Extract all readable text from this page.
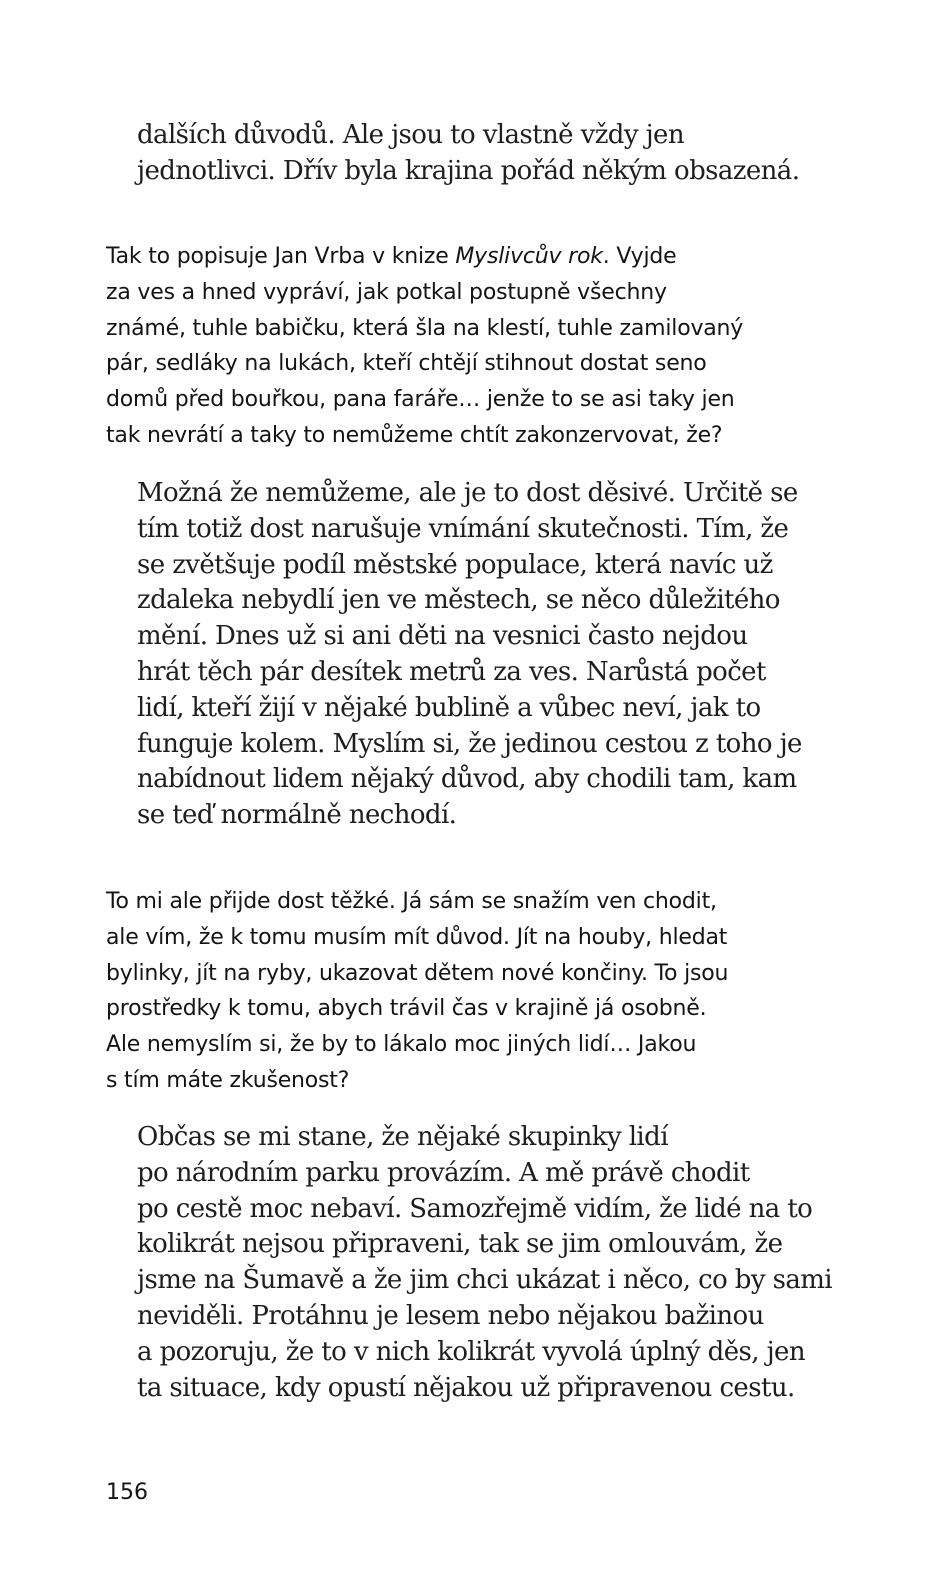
dalších důvodů. Ale jsou to vlastně vždy jen
jednotlivci. Dřív byla krajina pořád někým obsazená.
Tak to popisuje Jan Vrba v knize Myslivcův rok. Vyjde
za ves a hned vypráví, jak potkal postupně všechny
známé, tuhle babičku, která šla na klestí, tuhle zamilovaný
pár, sedláky na lukách, kteří chtějí stihnout dostat seno
domů před bouřkou, pana faráře… jenže to se asi taky jen
tak nevrátí a taky to nemůžeme chtít zakonzervovat, že?
Možná že nemůžeme, ale je to dost děsivé. Určitě se
tím totiž dost narušuje vnímání skutečnosti. Tím, že
se zvětšuje podíl městské populace, která navíc už
zdaleka nebydlí jen ve městech, se něco důležitého
mění. Dnes už si ani děti na vesnici často nejdou
hrát těch pár desítek metrů za ves. Narůstá počet
lidí, kteří žijí v nějaké bublině a vůbec neví, jak to
funguje kolem. Myslím si, že jedinou cestou z toho je
nabídnout lidem nějaký důvod, aby chodili tam, kam
se teď normálně nechodí.
To mi ale přijde dost těžké. Já sám se snažím ven chodit,
ale vím, že k tomu musím mít důvod. Jít na houby, hledat
bylinky, jít na ryby, ukazovat dětem nové končiny. To jsou
prostředky k tomu, abych trávil čas v krajině já osobně.
Ale nemyslím si, že by to lákalo moc jiných lidí… Jakou
s tím máte zkušenost?
Občas se mi stane, že nějaké skupinky lidí
po národním parku provázím. A mě právě chodit
po cestě moc nebaví. Samozřejmě vidím, že lidé na to
kolikrát nejsou připraveni, tak se jim omlouvám, že
jsme na Šumavě a že jim chci ukázat i něco, co by sami
neviděli. Protáhnu je lesem nebo nějakou bažinou
a pozoruju, že to v nich kolikrát vyvolá úplný děs, jen
ta situace, kdy opustí nějakou už připravenou cestu.
156
